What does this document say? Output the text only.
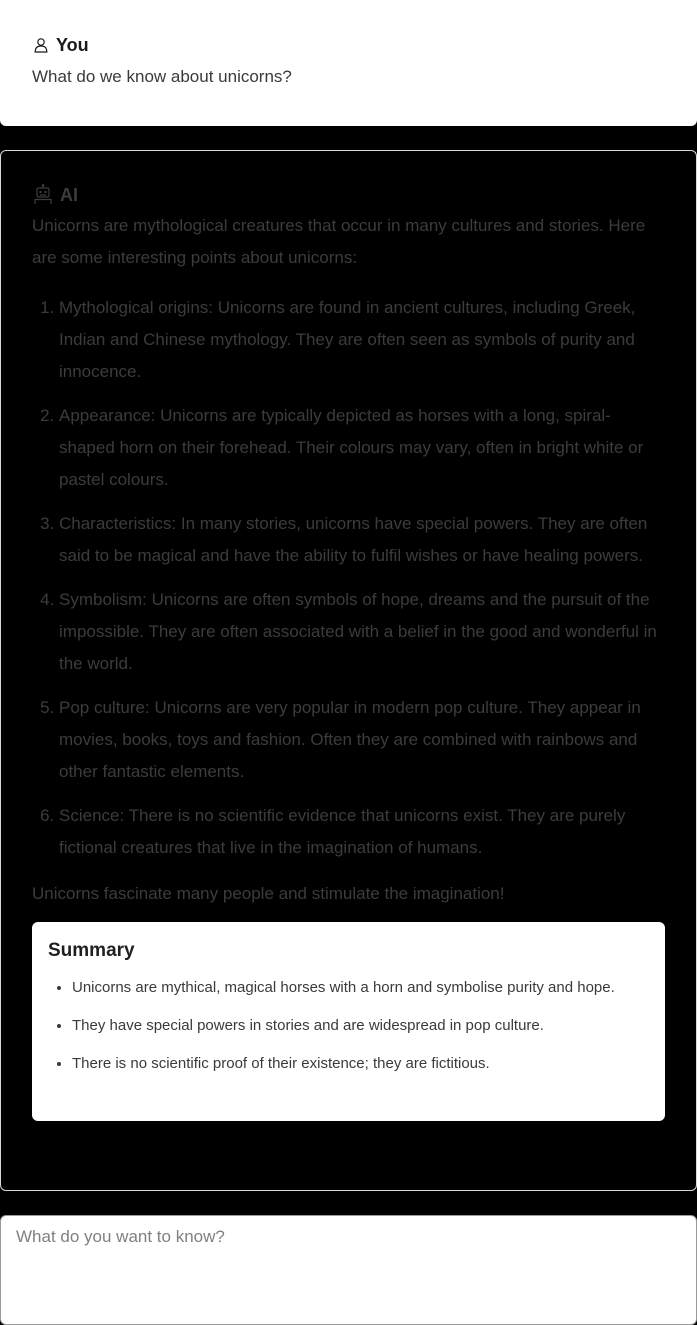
You
What do we know about unicorns?
AI
Unicorns are mythological creatures that occur in many cultures and stories. Here are some interesting points about unicorns:
1. Mythological origins: Unicorns are found in ancient cultures, including Greek, Indian and Chinese mythology. They are often seen as symbols of purity and innocence.
2. Appearance: Unicorns are typically depicted as horses with a long, spiral-shaped horn on their forehead. Their colours may vary, often in bright white or pastel colours.
3. Characteristics: In many stories, unicorns have special powers. They are often said to be magical and have the ability to fulfil wishes or have healing powers.
4. Symbolism: Unicorns are often symbols of hope, dreams and the pursuit of the impossible. They are often associated with a belief in the good and wonderful in the world.
5. Pop culture: Unicorns are very popular in modern pop culture. They appear in movies, books, toys and fashion. Often they are combined with rainbows and other fantastic elements.
6. Science: There is no scientific evidence that unicorns exist. They are purely fictional creatures that live in the imagination of humans.
Unicorns fascinate many people and stimulate the imagination!
Summary
• Unicorns are mythical, magical horses with a horn and symbolise purity and hope.
• They have special powers in stories and are widespread in pop culture.
• There is no scientific proof of their existence; they are fictitious.
What do you want to know?
